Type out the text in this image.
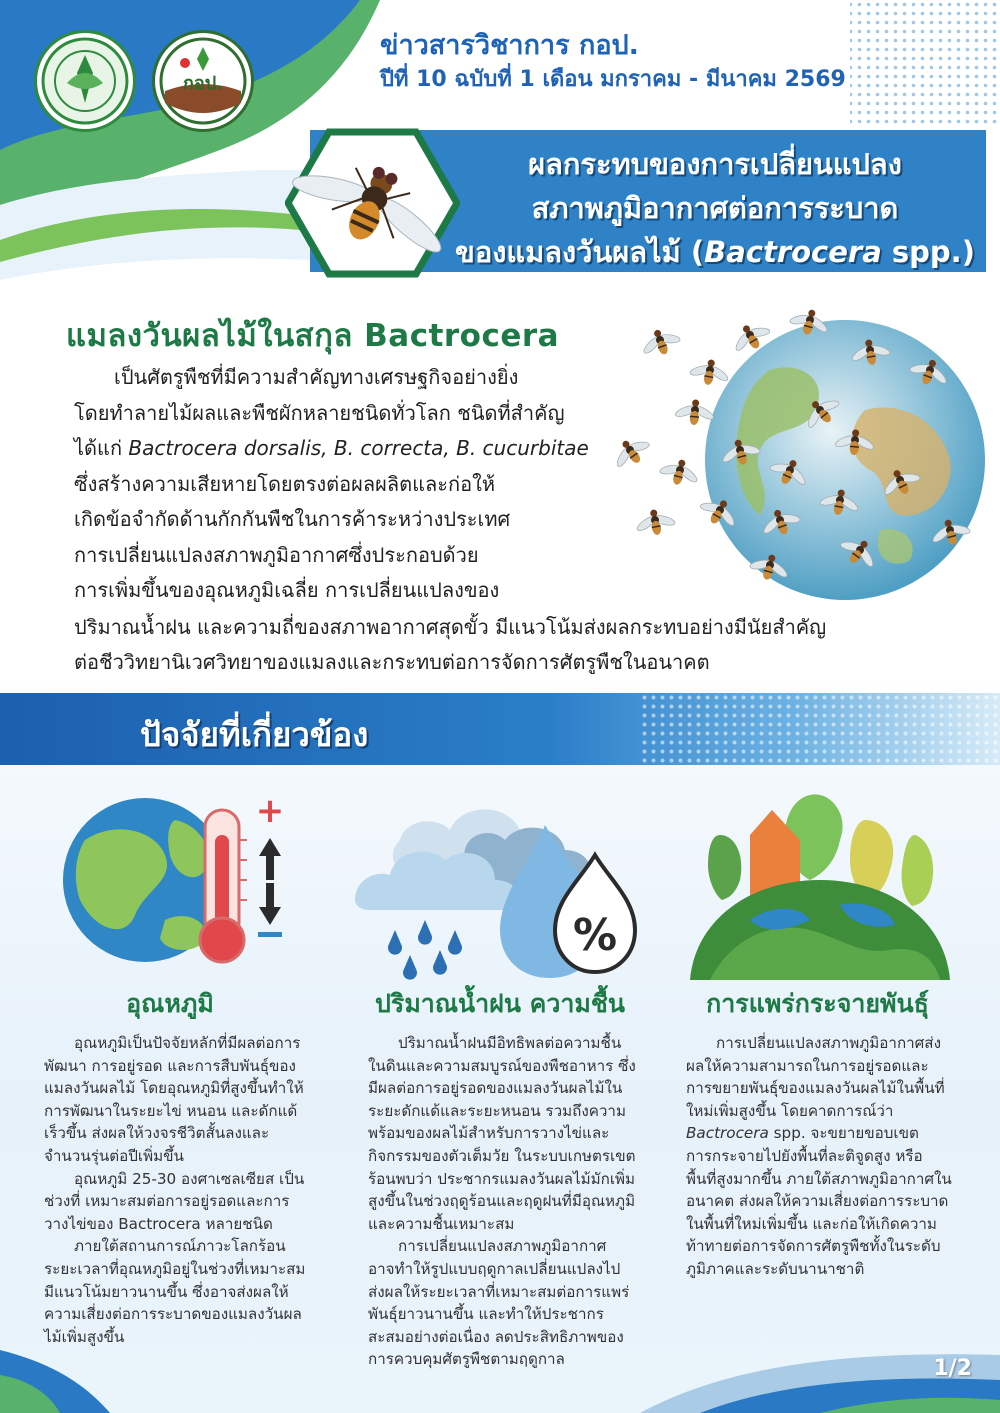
กอป.
ข่าวสารวิชาการ กอป.
ปีที่ 10 ฉบับที่ 1 เดือน มกราคม - มีนาคม 2569
ผลกระทบของการเปลี่ยนแปลง
สภาพภูมิอากาศต่อการระบาด
ของแมลงวันผลไม้ (Bactrocera spp.)
แมลงวันผลไม้ในสกุล Bactrocera
เป็นศัตรูพืชที่มีความสำคัญทางเศรษฐกิจอย่างยิ่ง
โดยทำลายไม้ผลและพืชผักหลายชนิดทั่วโลก ชนิดที่สำคัญ
ได้แก่ Bactrocera dorsalis, B. correcta, B. cucurbitae
ซึ่งสร้างความเสียหายโดยตรงต่อผลผลิตและก่อให้
เกิดข้อจำกัดด้านกักกันพืชในการค้าระหว่างประเทศ
การเปลี่ยนแปลงสภาพภูมิอากาศซึ่งประกอบด้วย
การเพิ่มขึ้นของอุณหภูมิเฉลี่ย การเปลี่ยนแปลงของ
ปริมาณน้ำฝน และความถี่ของสภาพอากาศสุดขั้ว มีแนวโน้มส่งผลกระทบอย่างมีนัยสำคัญ
ต่อชีววิทยานิเวศวิทยาของแมลงและกระทบต่อการจัดการศัตรูพืชในอนาคต
ปัจจัยที่เกี่ยวข้อง
+
%
อุณหภูมิ	ปริมาณน้ำฝน ความชื้น	การแพร่กระจายพันธุ์

อุณหภูมิเป็นปัจจัยหลักที่มีผลต่อการพัฒนา การอยู่รอด และการสืบพันธุ์ของแมลงวันผลไม้ โดยอุณหภูมิที่สูงขึ้นทำให้การพัฒนาในระยะไข่ หนอน และดักแด้เร็วขึ้น ส่งผลให้วงจรชีวิตสั้นลงและจำนวนรุ่นต่อปีเพิ่มขึ้น

อุณหภูมิ 25-30 องศาเซลเซียส เป็นช่วงที่ เหมาะสมต่อการอยู่รอดและการวางไข่ของ Bactrocera หลายชนิด

ภายใต้สถานการณ์ภาวะโลกร้อน ระยะเวลาที่อุณหภูมิอยู่ในช่วงที่เหมาะสมมีแนวโน้มยาวนานขึ้น ซึ่งอาจส่งผลให้ความเสี่ยงต่อการระบาดของแมลงวันผลไม้เพิ่มสูงขึ้น

ปริมาณน้ำฝนมีอิทธิพลต่อความชื้นในดินและความสมบูรณ์ของพืชอาหาร ซึ่งมีผลต่อการอยู่รอดของแมลงวันผลไม้ในระยะดักแด้และระยะหนอน รวมถึงความพร้อมของผลไม้สำหรับการวางไข่และกิจกรรมของตัวเต็มวัย ในระบบเกษตรเขตร้อนพบว่า ประชากรแมลงวันผลไม้มักเพิ่มสูงขึ้นในช่วงฤดูร้อนและฤดูฝนที่มีอุณหภูมิและความชื้นเหมาะสม

การเปลี่ยนแปลงสภาพภูมิอากาศ อาจทำให้รูปแบบฤดูกาลเปลี่ยนแปลงไป ส่งผลให้ระยะเวลาที่เหมาะสมต่อการแพร่พันธุ์ยาวนานขึ้น และทำให้ประชากรสะสมอย่างต่อเนื่อง ลดประสิทธิภาพของการควบคุมศัตรูพืชตามฤดูกาล

การเปลี่ยนแปลงสภาพภูมิอากาศส่งผลให้ความสามารถในการอยู่รอดและการขยายพันธุ์ของแมลงวันผลไม้ในพื้นที่ใหม่เพิ่มสูงขึ้น โดยคาดการณ์ว่า Bactrocera spp. จะขยายขอบเขตการกระจายไปยังพื้นที่ละติจูดสูง หรือพื้นที่สูงมากขึ้น ภายใต้สภาพภูมิอากาศในอนาคต ส่งผลให้ความเสี่ยงต่อการระบาดในพื้นที่ใหม่เพิ่มขึ้น และก่อให้เกิดความท้าทายต่อการจัดการศัตรูพืชทั้งในระดับภูมิภาคและระดับนานาชาติ

1/2
